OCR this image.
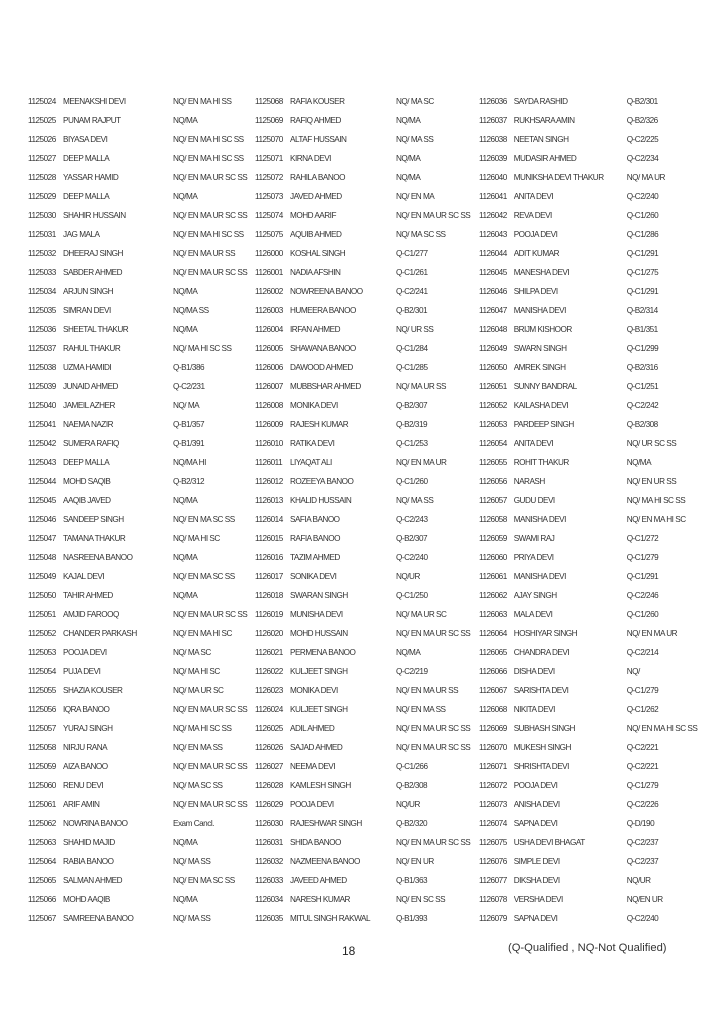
1125024 MEENAKSHI DEVI	NQ/ EN MA HI SS
1125025 PUNAM RAJPUT	NQ/MA
1125026 BIYASA DEVI	NQ/ EN MA HI SC SS
1125027 DEEP MALLA	NQ/ EN MA HI SC SS
1125028 YASSAR HAMID	NQ/ EN MA UR SC SS
1125029 DEEP MALLA	NQ/MA
1125030 SHAHIR HUSSAIN	NQ/ EN MA UR SC SS
1125031 JAG MALA	NQ/ EN MA HI SC SS
1125032 DHEERAJ SINGH	NQ/ EN MA UR SS
1125033 SABDER AHMED	NQ/ EN MA UR SC SS
1125034 ARJUN SINGH	NQ/MA
1125035 SIMRAN DEVI	NQ/MA SS
1125036 SHEETAL THAKUR	NQ/MA
1125037 RAHUL THAKUR	NQ/ MA HI SC SS
1125038 UZMA HAMIDI	Q-B1/386
1125039 JUNAID AHMED	Q-C2/231
1125040 JAMEIL AZHER	NQ/ MA
1125041 NAEMA NAZIR	Q-B1/357
1125042 SUMERA RAFIQ	Q-B1/391
1125043 DEEP MALLA	NQ/MA HI
1125044 MOHD SAQIB	Q-B2/312
1125045 AAQIB JAVED	NQ/MA
1125046 SANDEEP SINGH	NQ/ EN MA SC SS
1125047 TAMANA THAKUR	NQ/ MA HI SC
1125048 NASREENA BANOO	NQ/MA
1125049 KAJAL DEVI	NQ/ EN MA SC SS
1125050 TAHIR AHMED	NQ/MA
1125051 AMJID FAROOQ	NQ/ EN MA UR SC SS
1125052 CHANDER PARKASH	NQ/ EN MA HI SC
1125053 POOJA DEVI	NQ/ MA SC
1125054 PUJA DEVI	NQ/ MA HI SC
1125055 SHAZIA KOUSER	NQ/ MA UR SC
1125056 IQRA BANOO	NQ/ EN MA UR SC SS
1125057 YURAJ SINGH	NQ/ MA HI SC SS
1125058 NIRJU RANA	NQ/ EN MA SS
1125059 AIZA BANOO	NQ/ EN MA UR SC SS
1125060 RENU DEVI	NQ/ MA SC SS
1125061 ARIF AMIN	NQ/ EN MA UR SC SS
1125062 NOWRINA BANOO	Exam Cancl.
1125063 SHAHID MAJID	NQ/MA
1125064 RABIA BANOO	NQ/ MA SS
1125065 SALMAN AHMED	NQ/ EN MA SC SS
1125066 MOHD AAQIB	NQ/MA
1125067 SAMREENA BANOO	NQ/ MA SS
1125068 RAFIA KOUSER	NQ/ MA SC
1125069 RAFIQ AHMED	NQ/MA
1125070 ALTAF HUSSAIN	NQ/ MA SS
1125071 KIRNA DEVI	NQ/MA
1125072 RAHILA BANOO	NQ/MA
1125073 JAVED AHMED	NQ/ EN MA
1125074 MOHD AARIF	NQ/ EN MA UR SC SS
1125075 AQUIB AHMED	NQ/ MA SC SS
1126000 KOSHAL SINGH	Q-C1/277
1126001 NADIA AFSHIN	Q-C1/261
1126002 NOWREENA BANOO	Q-C2/241
1126003 HUMEERA BANOO	Q-B2/301
1126004 IRFAN AHMED	NQ/ UR SS
1126005 SHAWANA BANOO	Q-C1/284
1126006 DAWOOD AHMED	Q-C1/285
1126007 MUBBSHAR AHMED	NQ/ MA UR SS
1126008 MONIKA DEVI	Q-B2/307
1126009 RAJESH KUMAR	Q-B2/319
1126010 RATIKA DEVI	Q-C1/253
1126011 LIYAQAT ALI	NQ/ EN MA UR
1126012 ROZEEYA BANOO	Q-C1/260
1126013 KHALID HUSSAIN	NQ/ MA SS
1126014 SAFIA BANOO	Q-C2/243
1126015 RAFIA BANOO	Q-B2/307
1126016 TAZIM AHMED	Q-C2/240
1126017 SONIKA DEVI	NQ/UR
1126018 SWARAN SINGH	Q-C1/250
1126019 MUNISHA DEVI	NQ/ MA UR SC
1126020 MOHD HUSSAIN	NQ/ EN MA UR SC SS
1126021 PERMENA BANOO	NQ/MA
1126022 KULJEET SINGH	Q-C2/219
1126023 MONIKA DEVI	NQ/ EN MA UR SS
1126024 KULJEET SINGH	NQ/ EN MA SS
1126025 ADIL AHMED	NQ/ EN MA UR SC SS
1126026 SAJAD AHMED	NQ/ EN MA UR SC SS
1126027 NEEMA DEVI	Q-C1/266
1126028 KAMLESH SINGH	Q-B2/308
1126029 POOJA DEVI	NQ/UR
1126030 RAJESHWAR SINGH	Q-B2/320
1126031 SHIDA BANOO	NQ/ EN MA UR SC SS
1126032 NAZMEENA BANOO	NQ/ EN UR
1126033 JAVEED AHMED	Q-B1/363
1126034 NARESH KUMAR	NQ/ EN SC SS
1126035 MITUL SINGH RAKWAL	Q-B1/393
1126036 SAYDA RASHID	Q-B2/301
1126037 RUKHSARA AMIN	Q-B2/326
1126038 NEETAN SINGH	Q-C2/225
1126039 MUDASIR AHMED	Q-C2/234
1126040 MUNIKSHA DEVI THAKUR	NQ/ MA UR
1126041 ANITA DEVI	Q-C2/240
1126042 REVA DEVI	Q-C1/260
1126043 POOJA DEVI	Q-C1/286
1126044 ADIT KUMAR	Q-C1/291
1126045 MANESHA DEVI	Q-C1/275
1126046 SHILPA DEVI	Q-C1/291
1126047 MANISHA DEVI	Q-B2/314
1126048 BRIJM KISHOOR	Q-B1/351
1126049 SWARN SINGH	Q-C1/299
1126050 AMREK SINGH	Q-B2/316
1126051 SUNNY BANDRAL	Q-C1/251
1126052 KAILASHA DEVI	Q-C2/242
1126053 PARDEEP SINGH	Q-B2/308
1126054 ANITA DEVI	NQ/ UR SC SS
1126055 ROHIT THAKUR	NQ/MA
1126056 NARASH	NQ/ EN UR SS
1126057 GUDU DEVI	NQ/ MA HI SC SS
1126058 MANISHA DEVI	NQ/ EN MA HI SC
1126059 SWAMI RAJ	Q-C1/272
1126060 PRIYA DEVI	Q-C1/279
1126061 MANISHA DEVI	Q-C1/291
1126062 AJAY SINGH	Q-C2/246
1126063 MALA DEVI	Q-C1/260
1126064 HOSHIYAR SINGH	NQ/ EN MA UR
1126065 CHANDRA DEVI	Q-C2/214
1126066 DISHA DEVI	NQ/
1126067 SARISHTA DEVI	Q-C1/279
1126068 NIKITA DEVI	Q-C1/262
1126069 SUBHASH SINGH	NQ/ EN MA HI SC SS
1126070 MUKESH SINGH	Q-C2/221
1126071 SHRISHTA DEVI	Q-C2/221
1126072 POOJA DEVI	Q-C1/279
1126073 ANISHA DEVI	Q-C2/226
1126074 SAPNA DEVI	Q-D/190
1126075 USHA DEVI BHAGAT	Q-C2/237
1126076 SIMPLE DEVI	Q-C2/237
1126077 DIKSHA DEVI	NQ/UR
1126078 VERSHA DEVI	NQ/EN UR
1126079 SAPNA DEVI	Q-C2/240
18	(Q-Qualified , NQ-Not Qualified)
